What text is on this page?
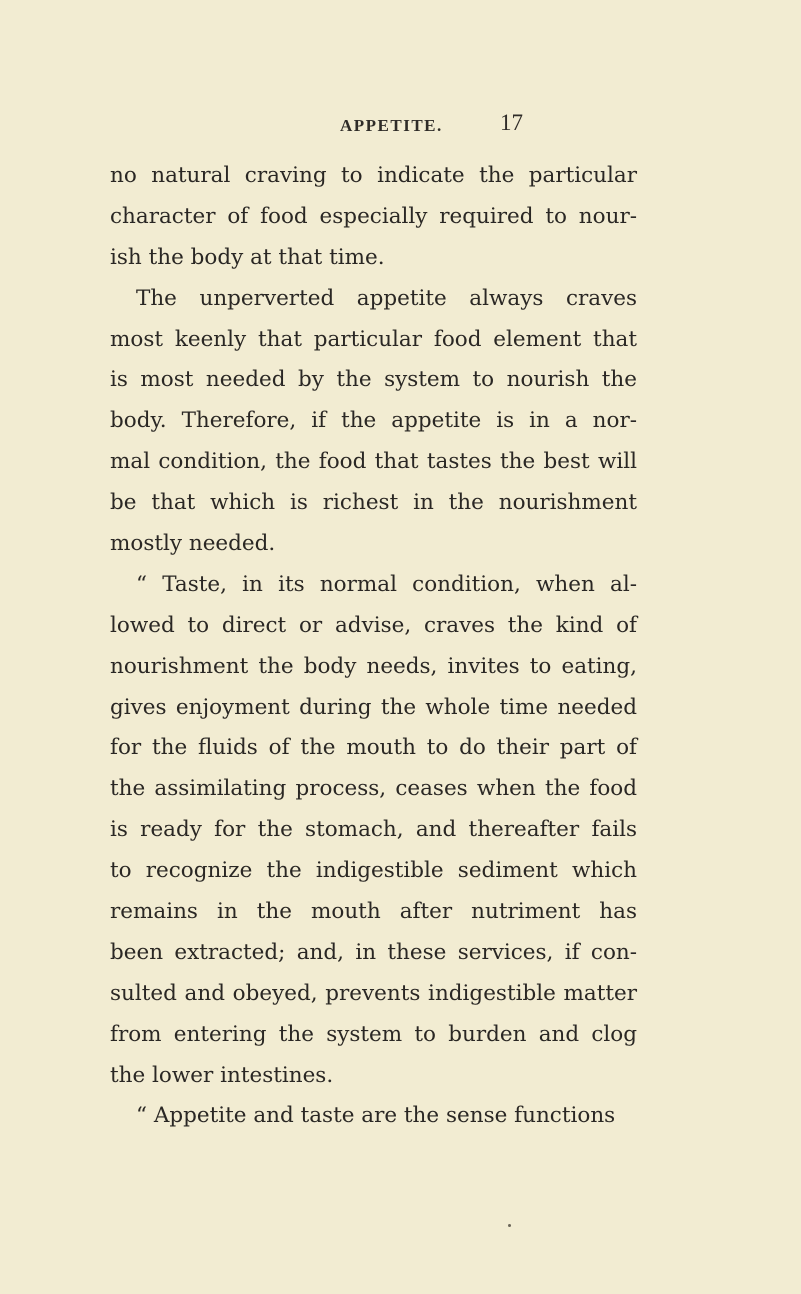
APPETITE. 17
no natural craving to indicate the particular
character of food especially required to nour-
ish the body at that time.
The unperverted appetite always craves
most keenly that particular food element that
is most needed by the system to nourish the
body. Therefore, if the appetite is in a nor-
mal condition, the food that tastes the best will
be that which is richest in the nourishment
mostly needed.
“ Taste, in its normal condition, when al-
lowed to direct or advise, craves the kind of
nourishment the body needs, invites to eating,
gives enjoyment during the whole time needed
for the fluids of the mouth to do their part of
the assimilating process, ceases when the food
is ready for the stomach, and thereafter fails
to recognize the indigestible sediment which
remains in the mouth after nutriment has
been extracted; and, in these services, if con-
sulted and obeyed, prevents indigestible matter
from entering the system to burden and clog
the lower intestines.
“ Appetite and taste are the sense functions
